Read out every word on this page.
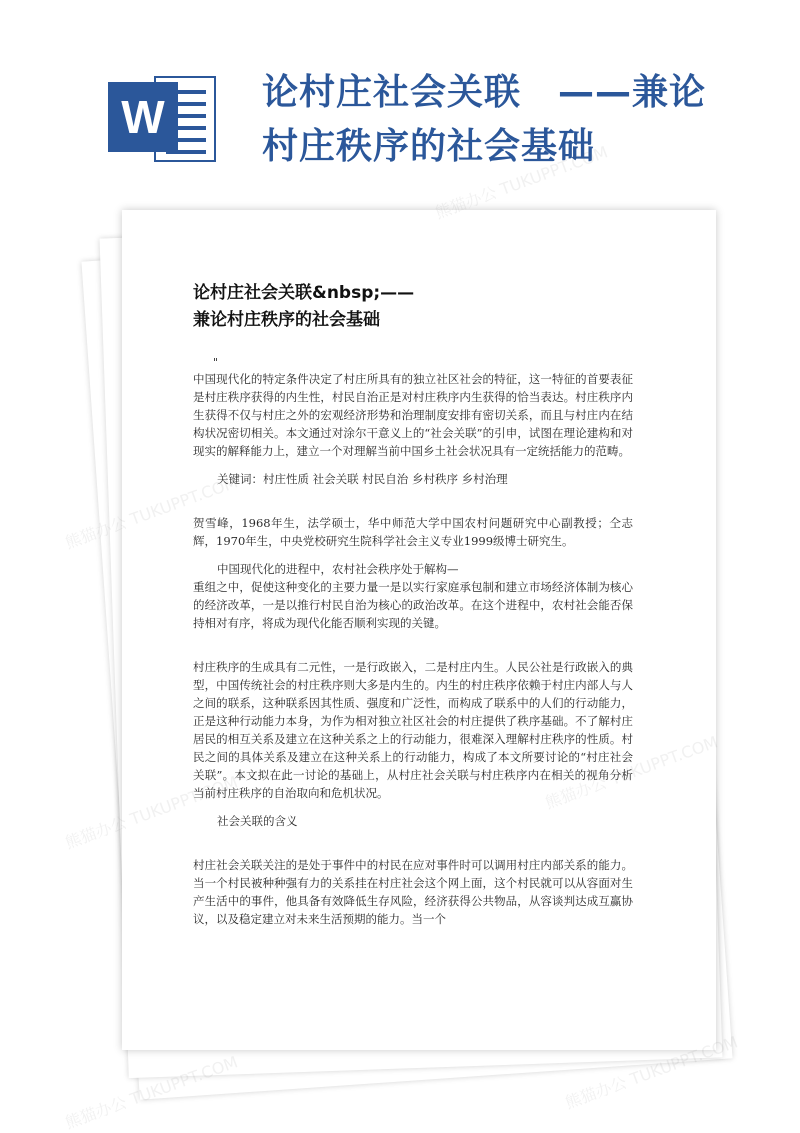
W	论村庄社会关联　——兼论村庄秩序的社会基础
论村庄社会关联&nbsp;——
兼论村庄秩序的社会基础
"

中国现代化的特定条件决定了村庄所具有的独立社区社会的特征，这一特征的首要表征是村庄秩序获得的内生性，村民自治正是对村庄秩序内生获得的恰当表达。村庄秩序内生获得不仅与村庄之外的宏观经济形势和治理制度安排有密切关系，而且与村庄内在结构状况密切相关。本文通过对涂尔干意义上的“社会关联”的引申，试图在理论建构和对现实的解释能力上，建立一个对理解当前中国乡土社会状况具有一定统括能力的范畴。

关键词：村庄性质 社会关联 村民自治 乡村秩序 乡村治理

贺雪峰，1968年生，法学硕士，华中师范大学中国农村问题研究中心副教授；仝志辉，1970年生，中央党校研究生院科学社会主义专业1999级博士研究生。

中国现代化的进程中，农村社会秩序处于解构—

重组之中，促使这种变化的主要力量一是以实行家庭承包制和建立市场经济体制为核心的经济改革，一是以推行村民自治为核心的政治改革。在这个进程中，农村社会能否保持相对有序，将成为现代化能否顺利实现的关键。

村庄秩序的生成具有二元性，一是行政嵌入，二是村庄内生。人民公社是行政嵌入的典型，中国传统社会的村庄秩序则大多是内生的。内生的村庄秩序依赖于村庄内部人与人之间的联系，这种联系因其性质、强度和广泛性，而构成了联系中的人们的行动能力，正是这种行动能力本身，为作为相对独立社区社会的村庄提供了秩序基础。不了解村庄居民的相互关系及建立在这种关系之上的行动能力，很难深入理解村庄秩序的性质。村民之间的具体关系及建立在这种关系上的行动能力，构成了本文所要讨论的“村庄社会关联”。本文拟在此一讨论的基础上，从村庄社会关联与村庄秩序内在相关的视角分析当前村庄秩序的自治取向和危机状况。

社会关联的含义

村庄社会关联关注的是处于事件中的村民在应对事件时可以调用村庄内部关系的能力。当一个村民被种种强有力的关系挂在村庄社会这个网上面，这个村民就可以从容面对生产生活中的事件，他具备有效降低生存风险，经济获得公共物品，从容谈判达成互赢协议，以及稳定建立对未来生活预期的能力。当一个

熊猫办公 TUKUPPT.COM
熊猫办公
熊猫办公
熊猫办公
熊猫办公 TUKUPPT.COM
